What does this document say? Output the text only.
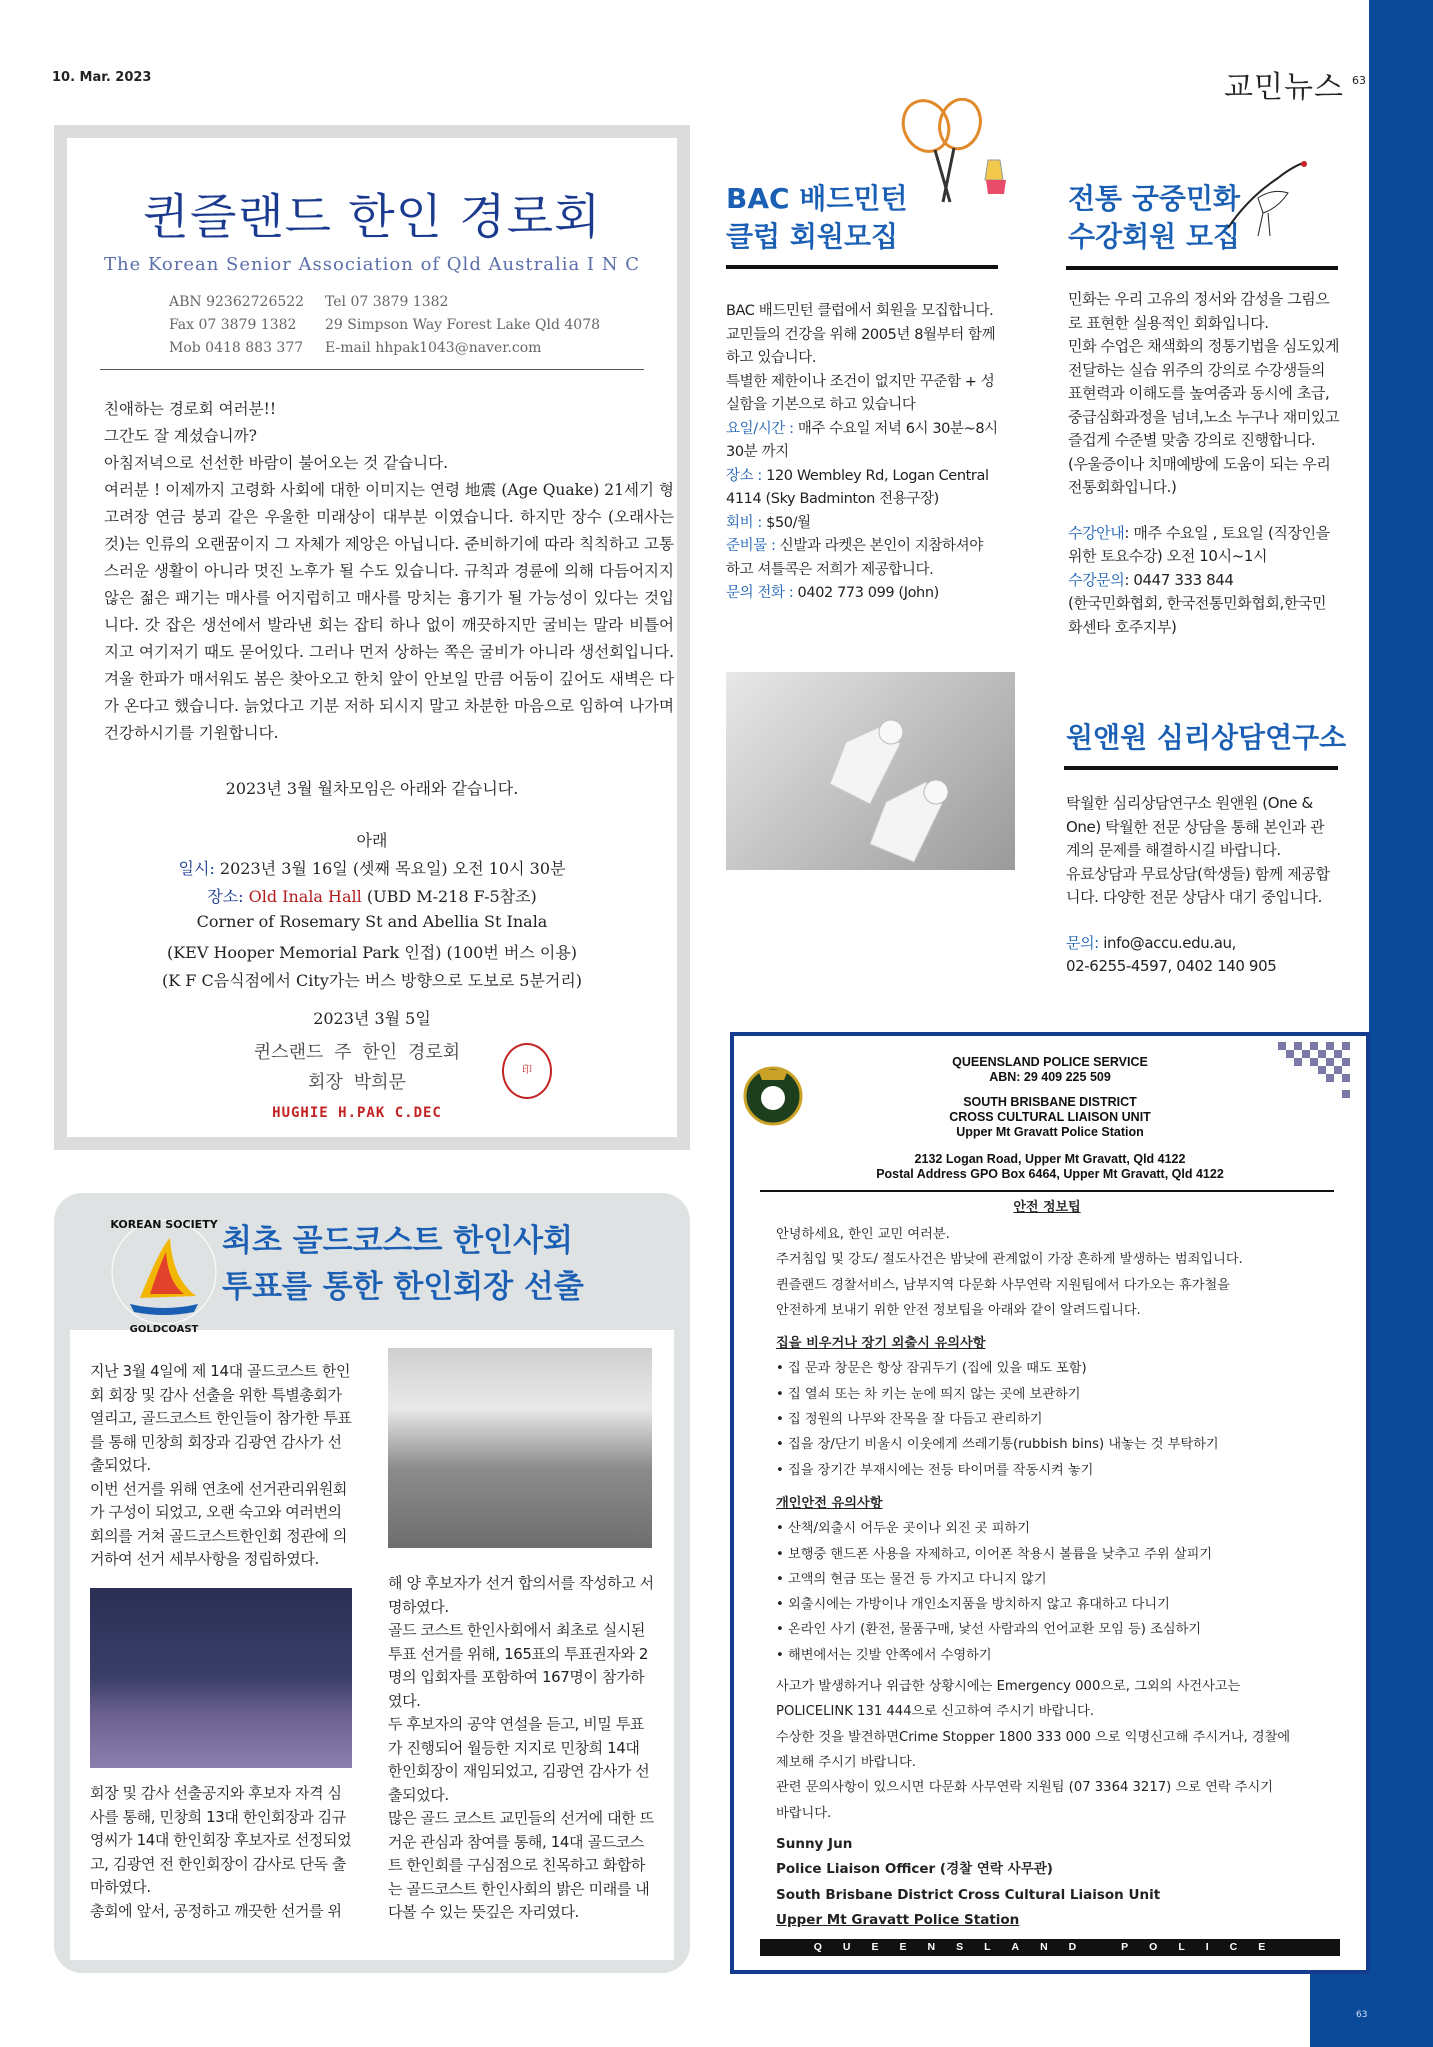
10. Mar. 2023	교민뉴스 63
63
퀸즐랜드 한인 경로회
The Korean Senior Association of Qld Australia I N C
ABN 92362726522
Fax 07 3879 1382
Mob 0418 883 377
Tel 07 3879 1382
29 Simpson Way Forest Lake Qld 4078
E-mail hhpak1043@naver.com

친애하는 경로회 여러분!!

그간도 잘 계셨습니까?

아침저녁으로 선선한 바람이 불어오는 것 같습니다.

여러분 ! 이제까지 고령화 사회에 대한 이미지는 연령 地震 (Age Quake) 21세기 형 고려장 연금 붕괴 같은 우울한 미래상이 대부분 이였습니다. 하지만 장수 (오래사는것)는 인류의 오랜꿈이지 그 자체가 제앙은 아닙니다. 준비하기에 따라 칙칙하고 고통스러운 생활이 아니라 멋진 노후가 될 수도 있습니다. 규칙과 경륜에 의해 다듬어지지 않은 젊은 패기는 매사를 어지럽히고 매사를 망치는 흉기가 될 가능성이 있다는 것입니다. 갓 잡은 생선에서 발라낸 회는 잡티 하나 없이 깨끗하지만 굴비는 말라 비틀어지고 여기저기 때도 묻어있다. 그러나 먼저 상하는 쪽은 굴비가 아니라 생선회입니다. 겨울 한파가 매서워도 봄은 찾아오고 한치 앞이 안보일 만큼 어둠이 깊어도 새벽은 다가 온다고 했습니다. 늙었다고 기분 저하 되시지 말고 차분한 마음으로 임하여 나가며 건강하시기를 기원합니다.

2023년 3월 월차모임은 아래와 같습니다.
아래
일시: 2023년 3월 16일 (셋째 목요일) 오전 10시 30분
장소: Old Inala Hall (UBD M-218 F-5참조)
Corner of Rosemary St and Abellia St Inala
(KEV Hooper Memorial Park 인접) (100번 버스 이용)
(K F C음식점에서 City가는 버스 방향으로 도보로 5분거리)
2023년 3월 5일
퀸스랜드 주 한인 경로회
회장 박희문
HUGHIE H.PAK C.DEC
印
BAC 배드민턴
클럽 회원모집
BAC 배드민턴 클럽에서 회원을 모집합니다. 교민들의 건강을 위해 2005년 8월부터 함께 하고 있습니다.
특별한 제한이나 조건이 없지만 꾸준함 + 성실함을 기본으로 하고 있습니다
요일/시간 : 매주 수요일 저녁 6시 30분~8시 30분 까지
장소 : 120 Wembley Rd, Logan Central 4114 (Sky Badminton 전용구장)
회비 : $50/월
준비물 : 신발과 라켓은 본인이 지참하셔야 하고 셔틀콕은 저희가 제공합니다.
문의 전화 : 0402 773 099 (John)
전통 궁중민화
수강회원 모집
민화는 우리 고유의 정서와 감성을 그림으로 표현한 실용적인 회화입니다.
민화 수업은 채색화의 정통기법을 심도있게 전달하는 실습 위주의 강의로 수강생들의 표현력과 이해도를 높여줌과 동시에 초급, 중급심화과정을 넘녀,노소 누구나 재미있고 즐겁게 수준별 맞춤 강의로 진행합니다.
(우울증이나 치매예방에 도움이 되는 우리 전통회화입니다.)
수강안내: 매주 수요일 , 토요일 (직장인을 위한 토요수강) 오전 10시~1시
수강문의: 0447 333 844
(한국민화협회, 한국전통민화협회,한국민화센타 호주지부)
원앤원 심리상담연구소
탁월한 심리상담연구소 원앤원 (One & One) 탁월한 전문 상담을 통해 본인과 관계의 문제를 해결하시길 바랍니다.
유료상담과 무료상담(학생들) 함께 제공합니다. 다양한 전문 상담사 대기 중입니다.
문의: info@accu.edu.au,
02-6255-4597, 0402 140 905
KOREAN SOCIETY
GOLDCOAST
최초 골드코스트 한인사회
투표를 통한 한인회장 선출
지난 3월 4일에 제 14대 골드코스트 한인회 회장 및 감사 선출을 위한 특별총회가 열리고, 골드코스트 한인들이 참가한 투표를 통해 민창희 회장과 김광연 감사가 선출되었다.
이번 선거를 위해 연초에 선거관리위원회가 구성이 되었고, 오랜 숙고와 여러번의 회의를 거쳐 골드코스트한인회 정관에 의거하여 선거 세부사항을 정립하였다.
회장 및 감사 선출공지와 후보자 자격 심사를 통해, 민창희 13대 한인회장과 김규영씨가 14대 한인회장 후보자로 선정되었고, 김광연 전 한인회장이 감사로 단독 출마하였다.
총회에 앞서, 공정하고 깨끗한 선거를 위
해 양 후보자가 선거 합의서를 작성하고 서명하였다.
골드 코스트 한인사회에서 최초로 실시된 투표 선거를 위해, 165표의 투표권자와 2명의 입회자를 포함하여 167명이 참가하였다.
두 후보자의 공약 연설을 듣고, 비밀 투표가 진행되어 월등한 지지로 민창희 14대 한인회장이 재임되었고, 김광연 감사가 선출되었다.
많은 골드 코스트 교민들의 선거에 대한 뜨거운 관심과 참여를 통해, 14대 골드코스트 한인회를 구심점으로 친목하고 화합하는 골드코스트 한인사회의 밝은 미래를 내다볼 수 있는 뜻깊은 자리였다.
QUEENSLAND POLICE SERVICE
ABN: 29 409 225 509
SOUTH BRISBANE DISTRICT
CROSS CULTURAL LIAISON UNIT
Upper Mt Gravatt Police Station
2132 Logan Road, Upper Mt Gravatt, Qld 4122
Postal Address GPO Box 6464, Upper Mt Gravatt, Qld 4122
안전 정보팁
안녕하세요, 한인 교민 여러분.
주거침입 및 강도/ 절도사건은 밤낮에 관계없이 가장 흔하게 발생하는 범죄입니다.
퀸즐랜드 경찰서비스, 남부지역 다문화 사무연락 지원팀에서 다가오는 휴가철을
안전하게 보내기 위한 안전 정보팁을 아래와 같이 알려드립니다.
집을 비우거나 장기 외출시 유의사항
• 집 문과 창문은 항상 잠궈두기 (집에 있을 때도 포함)
• 집 열쇠 또는 차 키는 눈에 띄지 않는 곳에 보관하기
• 집 정원의 나무와 잔목을 잘 다듬고 관리하기
• 집을 장/단기 비울시 이웃에게 쓰레기통(rubbish bins) 내놓는 것 부탁하기
• 집을 장기간 부재시에는 전등 타이머를 작동시켜 놓기
개인안전 유의사항
• 산책/외출시 어두운 곳이나 외진 곳 피하기
• 보행중 핸드폰 사용을 자제하고, 이어폰 착용시 볼륨을 낮추고 주위 살피기
• 고액의 현금 또는 물건 등 가지고 다니지 않기
• 외출시에는 가방이나 개인소지품을 방치하지 않고 휴대하고 다니기
• 온라인 사기 (환전, 물품구매, 낯선 사람과의 언어교환 모임 등) 조심하기
• 해변에서는 깃발 안쪽에서 수영하기
사고가 발생하거나 위급한 상황시에는 Emergency 000으로, 그외의 사건사고는
POLICELINK 131 444으로 신고하여 주시기 바랍니다.
수상한 것을 발견하면Crime Stopper 1800 333 000 으로 익명신고해 주시거나, 경찰에
제보해 주시기 바랍니다.
관련 문의사항이 있으시면 다문화 사무연락 지원팀 (07 3364 3217) 으로 연락 주시기
바랍니다.
Sunny Jun
Police Liaison Officer (경찰 연락 사무관)
South Brisbane District Cross Cultural Liaison Unit
Upper Mt Gravatt Police Station
QUEENSLAND POLICE SERVICE
